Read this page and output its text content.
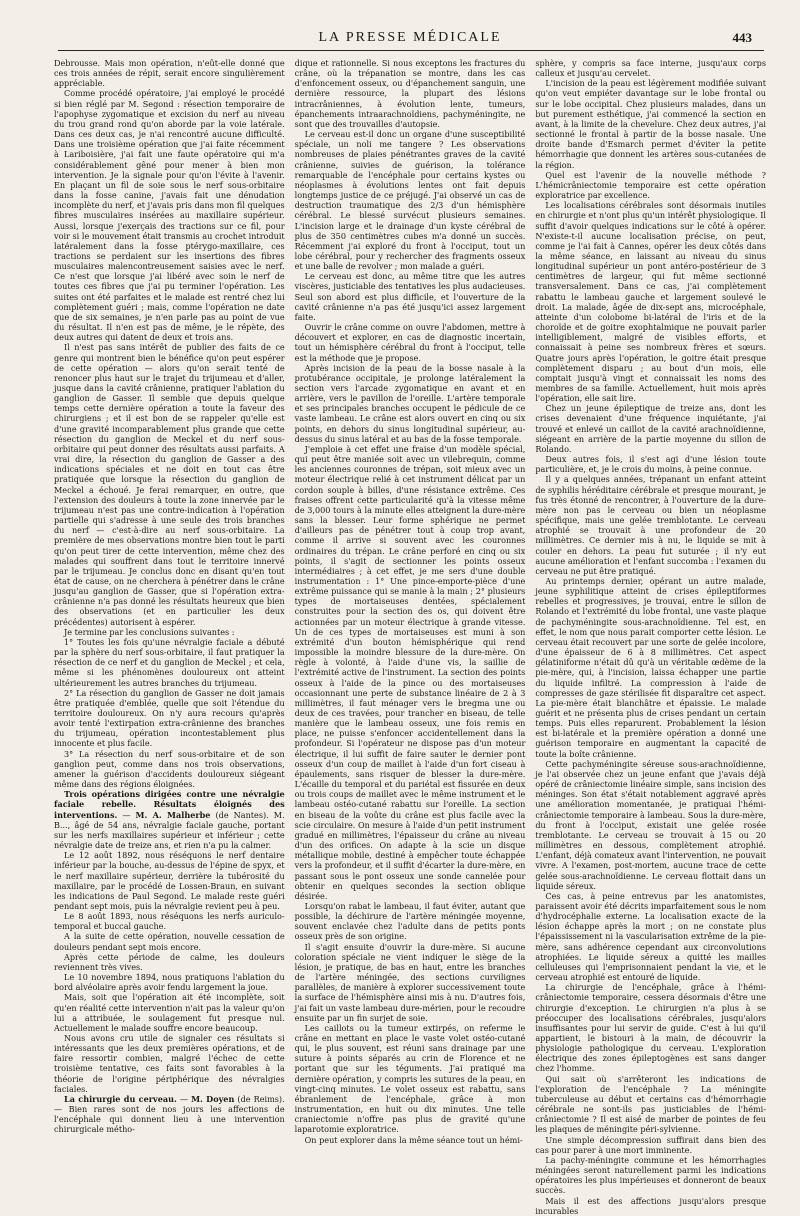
LA PRESSE MÉDICALE	443

Debrousse. Mais mon opération, n'eût-elle donné que ces trois années de répit, serait encore singulièrement appréciable.

Comme procédé opératoire, j'ai employé le procédé si bien réglé par M. Segond : résection temporaire de l'apophyse zygomatique et excision du nerf au niveau du trou grand rond qu'on aborde par la voie latérale. Dans ces deux cas, je n'ai rencontré aucune difficulté. Dans une troisième opération que j'ai faite récemment à Lariboisière, j'ai fait une faute opératoire qui m'a considérablement gêné pour mener à bien mon intervention. Je la signale pour qu'on l'évite à l'avenir. En plaçant un fil de soie sous le nerf sous-orbitaire dans la fosse canine, j'avais fait une dénudation incomplète du nerf, et j'avais pris dans mon fil quelques fibres musculaires insérées au maxillaire supérieur. Aussi, lorsque j'exerçais des tractions sur ce fil, pour voir si le mouvement était transmis au crochet introduit latéralement dans la fosse ptérygo-maxillaire, ces tractions se perdaient sur les insertions des fibres musculaires malencontreusement saisies avec le nerf. Ce n'est que lorsque j'ai libéré avec soin le nerf de toutes ces fibres que j'ai pu terminer l'opération. Les suites ont été parfaites et le malade est rentré chez lui complètement guéri ; mais, comme l'opération ne date que de six semaines, je n'en parle pas au point de vue du résultat. Il n'en est pas de même, je le répète, des deux autres qui datent de deux et trois ans.

Il n'est pas sans intérêt de publier des faits de ce genre qui montrent bien le bénéfice qu'on peut espérer de cette opération — alors qu'on serait tenté de renoncer plus haut sur le trajet du trijumeau et d'aller, jusque dans la cavité crânienne, pratiquer l'ablation du ganglion de Gasser. Il semble que depuis quelque temps cette dernière opération a toute la faveur des chirurgiens ; et il est bon de se rappeler qu'elle est d'une gravité incomparablement plus grande que cette résection du ganglion de Meckel et du nerf sous-orbitaire qui peut donner des résultats aussi parfaits. A vrai dire, la résection du ganglion de Gasser a des indications spéciales et ne doit en tout cas être pratiquée que lorsque la résection du ganglion de Meckel a échoué. Je ferai remarquer, en outre, que l'extension des douleurs à toute la zone innervée par le trijumeau n'est pas une contre-indication à l'opération partielle qui s'adresse à une seule des trois branches du nerf — c'est-à-dire au nerf sous-orbitaire. La première de mes observations montre bien tout le parti qu'on peut tirer de cette intervention, même chez des malades qui souffrent dans tout le territoire innervé par le trijumeau. Je conclus donc en disant qu'en tout état de cause, on ne cherchera à pénétrer dans le crâne jusqu'au ganglion de Gasser, que si l'opération extra-crânienne n'a pas donné les résultats heureux que bien des observations (et en particulier les deux précédentes) autorisent à espérer.

Je termine par les conclusions suivantes :

1° Toutes les fois qu'une névralgie faciale a débuté par la sphère du nerf sous-orbitaire, il faut pratiquer la résection de ce nerf et du ganglion de Meckel ; et cela, même si les phénomènes douloureux ont atteint ultérieurement les autres branches du trijumeau.

2° La résection du ganglion de Gasser ne doit jamais être pratiquée d'emblée, quelle que soit l'étendue du territoire douloureux. On n'y aura recours qu'après avoir tenté l'extirpation extra-crânienne des branches du trijumeau, opération incontestablement plus innocente et plus facile.

3° La résection du nerf sous-orbitaire et de son ganglion peut, comme dans nos trois observations, amener la guérison d'accidents douloureux siégeant même dans des régions éloignées.

Trois opérations dirigées contre une névralgie faciale rebelle. Résultats éloignés des interventions. — M. A. Malherbe (de Nantes). M. B..., âgé de 54 ans, névralgie faciale gauche, portant sur les nerfs maxillaires supérieur et inférieur ; cette névralgie date de treize ans, et rien n'a pu la calmer.

Le 12 août 1892, nous réséquons le nerf dentaire inférieur par la bouche, au-dessus de l'épine de spyx, et le nerf maxillaire supérieur, derrière la tubérosité du maxillaire, par le procédé de Lossen-Braun, en suivant les indications de Paul Segond. Le malade reste guéri pendant sept mois, puis la névralgie revient peu à peu.

Le 8 août 1893, nous réséquons les nerfs auriculo-temporal et buccal gauche.

A la suite de cette opération, nouvelle cessation de douleurs pendant sept mois encore.

Après cette période de calme, les douleurs reviennent très vives.

Le 10 novembre 1894, nous pratiquons l'ablation du bord alvéolaire après avoir fendu largement la joue.

Mais, soit que l'opération ait été incomplète, soit qu'en réalité cette intervention n'ait pas la valeur qu'on lui a attribuée, le soulagement fut presque nul. Actuellement le malade souffre encore beaucoup.

Nous avons cru utile de signaler ces résultats si intéressants que les deux premières opérations, et de faire ressortir combien, malgré l'échec de cette troisième tentative, ces faits sont favorables à la théorie de l'origine périphérique des névralgies faciales.

La chirurgie du cerveau. — M. Doyen (de Reims). — Bien rares sont de nos jours les affections de l'encéphale qui donnent lieu à une intervention chirurgicale métho-

dique et rationnelle. Si nous exceptons les fractures du crâne, où la trépanation se montre, dans les cas d'enfoncement osseux, ou d'épanchement sanguin, une dernière ressource, la plupart des lésions intracrâniennes, à évolution lente, tumeurs, épanchements intraarachnoïdiens, pachyméningite, ne sont que des trouvailles d'autopsie.

Le cerveau est-il donc un organe d'une susceptibilité spéciale, un noli me tangere ? Les observations nombreuses de plaies pénétrantes graves de la cavité crânienne, suivies de guérison, la tolérance remarquable de l'encéphale pour certains kystes ou néoplasmes à évolutions lentes ont fait depuis longtemps justice de ce préjugé. J'ai observé un cas de destruction traumatique des 2/3 d'un hémisphère cérébral. Le blessé survécut plusieurs semaines. L'incision large et le drainage d'un kyste cérébral de plus de 350 centimètres cubes m'a donné un succès. Récemment j'ai exploré du front à l'occiput, tout un lobe cérébral, pour y rechercher des fragments osseux et une balle de revolver ; mon malade a guéri.

Le cerveau est donc, au même titre que les autres viscères, justiciable des tentatives les plus audacieuses. Seul son abord est plus difficile, et l'ouverture de la cavité crânienne n'a pas été jusqu'ici assez largement faite.

Ouvrir le crâne comme on ouvre l'abdomen, mettre à découvert et explorer, en cas de diagnostic incertain, tout un hémisphère cérébral du front à l'occiput, telle est la méthode que je propose.

Après incision de la peau de la bosse nasale à la protubérance occipitale, je prolonge latéralement la section vers l'arcade zygomatique en avant et en arrière, vers le pavillon de l'oreille. L'artère temporale et ses principales branches occupent le pédicule de ce vaste lambeau. Le crâne est alors ouvert en cinq ou six points, en dehors du sinus longitudinal supérieur, au-dessus du sinus latéral et au bas de la fosse temporale.

J'emploie à cet effet une fraise d'un modèle spécial, qui peut être maniée soit avec un vilebrequin, comme les anciennes couronnes de trépan, soit mieux avec un moteur électrique relié à cet instrument délicat par un cordon souple à billes, d'une résistance extrême. Ces fraises offrent cette particularité qu'à la vitesse même de 3,000 tours à la minute elles atteignent la dure-mère sans la blesser. Leur forme sphérique ne permet d'ailleurs pas de pénétrer tout à coup trop avant, comme il arrive si souvent avec les couronnes ordinaires du trépan. Le crâne perforé en cinq ou six points, il s'agit de sectionner les points osseux intermédiaires ; à cet effet, je me sers d'une double instrumentation : 1° Une pince-emporte-pièce d'une extrême puissance qui se manie à la main ; 2° plusieurs types de mortaiseuses dentées, spécialement construites pour la section des os, qui doivent être actionnées par un moteur électrique à grande vitesse. Un de ces types de mortaiseuses est muni à son extrémité d'un bouton hémisphérique qui rend impossible la moindre blessure de la dure-mère. On règle à volonté, à l'aide d'une vis, la saillie de l'extrémité active de l'instrument. La section des points osseux à l'aide de la pince ou des mortaiseuses occasionnant une perte de substance linéaire de 2 à 3 millimètres, il faut ménager vers le bregma une ou deux de ces travées, pour trancher en biseau, de telle manière que le lambeau osseux, une fois remis en place, ne puisse s'enfoncer accidentellement dans la profondeur. Si l'opérateur ne dispose pas d'un moteur électrique, il lui suffit de faire sauter le dernier pont osseux d'un coup de maillet à l'aide d'un fort ciseau à épaulements, sans risquer de blesser la dure-mère. L'écaille du temporal et du pariétal est fissurée en deux ou trois coups de maillet avec le même instrument et le lambeau ostéo-cutané rabattu sur l'oreille. La section en biseau de la voûte du crâne est plus facile avec la scie circulaire. On mesure à l'aide d'un petit instrument gradué en millimètres, l'épaisseur du crâne au niveau d'un des orifices. On adapte à la scie un disque métallique mobile, destiné à empêcher toute échappée vers la profondeur, et il suffit d'écarter la dure-mère, en passant sous le pont osseux une sonde cannelée pour obtenir en quelques secondes la section oblique désirée.

Lorsqu'on rabat le lambeau, il faut éviter, autant que possible, la déchirure de l'artère méningée moyenne, souvent enclavée chez l'adulte dans de petits ponts osseux près de son origine.

Il s'agit ensuite d'ouvrir la dure-mère. Si aucune coloration spéciale ne vient indiquer le siège de la lésion, je pratique, de bas en haut, entre les branches de l'artère méningée, des sections curvilignes parallèles, de manière à explorer successivement toute la surface de l'hémisphère ainsi mis à nu. D'autres fois, j'ai fait un vaste lambeau dure-mérien, pour le recoudre ensuite par un fin surjet de soie.

Les caillots ou la tumeur extirpés, on referme le crâne en mettant en place le vaste volet ostéo-cutané qui, le plus souvent, est réuni sans drainage par une suture à points séparés au crin de Florence et ne portant que sur les téguments. J'ai pratiqué ma dernière opération, y compris les sutures de la peau, en vingt-cinq minutes. Le volet osseux est rabattu, sans ébranlement de l'encéphale, grâce à mon instrumentation, en huit ou dix minutes. Une telle craniectomie n'offre pas plus de gravité qu'une laparotomie exploratrice.

On peut explorer dans la même séance tout un hémi-

sphère, y compris sa face interne, jusqu'aux corps calleux et jusqu'au cervelet.

L'incision de la peau est légèrement modifiée suivant qu'on veut empiéter davantage sur le lobe frontal ou sur le lobe occipital. Chez plusieurs malades, dans un but purement esthétique, j'ai commencé la section en avant, à la limite de la chevelure. Chez deux autres, j'ai sectionné le frontal à partir de la bosse nasale. Une droite bande d'Esmarch permet d'éviter la petite hémorrhagie que donnent les artères sous-cutanées de la région.

Quel est l'avenir de la nouvelle méthode ? L'hémicrâniectomie temporaire est cette opération exploratrice par excellence.

Les localisations cérébrales sont désormais inutiles en chirurgie et n'ont plus qu'un intérêt physiologique. Il suffit d'avoir quelques indications sur le côté à opérer. N'existe-t-il aucune localisation précise, on peut, comme je l'ai fait à Cannes, opérer les deux côtés dans la même séance, en laissant au niveau du sinus longitudinal supérieur un pont antéro-postérieur de 3 centimètres de largeur, qui fut même sectionné transversalement. Dans ce cas, j'ai complètement rabattu le lambeau gauche et largement soulevé le droit. La malade, âgée de dix-sept ans, microcéphale, atteinte d'un colobome bi-latéral de l'iris et de la choroïde et de goitre exophtalmique ne pouvait parler intelligiblement, malgré de visibles efforts, et connaissait à peine ses nombreux frères et sœurs. Quatre jours après l'opération, le goitre était presque complètement disparu ; au bout d'un mois, elle comptait jusqu'à vingt et connaissait les noms des membres de sa famille. Actuellement, huit mois après l'opération, elle sait lire.

Chez un jeune épileptique de treize ans, dont les crises devenaient d'une fréquence inquiétante, j'ai trouvé et enlevé un caillot de la cavité arachnoïdienne, siégeant en arrière de la partie moyenne du sillon de Rolando.

Deux autres fois, il s'est agi d'une lésion toute particulière, et, je le crois du moins, à peine connue.

Il y a quelques années, trépanant un enfant atteint de syphilis héréditaire cérébrale et presque mourant, je fus très étonné de rencontrer, à l'ouverture de la dure-mère non pas le cerveau ou bien un néoplasme spécifique, mais une gelée tremblotante. Le cerveau atrophié se trouvait à une profondeur de 20 millimètres. Ce dernier mis à nu, le liquide se mit à couler en dehors. La peau fut suturée ; il n'y eut aucune amélioration et l'enfant succomba : l'examen du cerveau ne put être pratiqué.

Au printemps dernier, opérant un autre malade, jeune syphilitique atteint de crises épileptiformes rebelles et progressives, je trouvai, entre le sillon de Rolando et l'extrémité du lobe frontal, une vaste plaque de pachyméningite sous-arachnoïdienne. Tel est, en effet, le nom que nous parait comporter cette lésion. Le cerveau était recouvert par une sorte de gelée incolore, d'une épaisseur de 6 à 8 millimètres. Cet aspect gélatiniforme n'était dû qu'à un véritable œdème de la pie-mère, qui, à l'incision, laissa échapper une partie du liquide infiltré. La compression à l'aide de compresses de gaze stérilisée fit disparaître cet aspect. La pie-mère était blanchâtre et épaissie. Le malade guérit et ne présenta plus de crises pendant un certain temps. Puis elles reparurent. Probablement la lésion est bi-latérale et la première opération a donné une guérison temporaire en augmentant la capacité de toute la boîte crânienne.

Cette pachyméningite séreuse sous-arachnoïdienne, je l'ai observée chez un jeune enfant que j'avais déjà opéré de crâniectomie linéaire simple, sans incision des méninges. Son état s'était notablement aggravé après une amélioration momentanée, je pratiquai l'hémi-crâniectomie temporaire à lambeau. Sous la dure-mère, du front à l'occiput, existait une gelée rosée tremblotante. Le cerveau se trouvait à 15 ou 20 millimètres en dessous, complètement atrophié. L'enfant, déjà comateux avant l'intervention, ne pouvait vivre. A l'examen, post-mortem, aucune trace de cette gelée sous-arachnoïdienne. Le cerveau flottait dans un liquide séreux.

Ces cas, à peine entrevus par les anatomistes, paraissent avoir été décrits imparfaitement sous le nom d'hydrocéphalie externe. La localisation exacte de la lésion échappe après la mort ; on ne constate plus l'épaississement ni la vascularisation extrême de la pie-mère, sans adhérence cependant aux circonvolutions atrophiées. Le liquide séreux a quitté les mailles celluleuses qui l'emprisonnaient pendant la vie, et le cerveau atrophié est entouré de liquide.

La chirurgie de l'encéphale, grâce à l'hémi-crâniectomie temporaire, cessera désormais d'être une chirurgie d'exception. Le chirurgien n'a plus à se préoccuper des localisations cérébrales, jusqu'alors insuffisantes pour lui servir de guide. C'est à lui qu'il appartient, le bistouri à la main, de découvrir la physiologie pathologique du cerveau. L'exploration électrique des zones épileptogènes est sans danger chez l'homme.

Qui sait où s'arrêteront les indications de l'exploration de l'encéphale ? La méningite tuberculeuse au début et certains cas d'hémorrhagie cérébrale ne sont-ils pas justiciables de l'hémi-crâniectomie ? Il est aisé de marber de pointes de feu les plaques de méningite péri-sylvienne.

Une simple décompression suffirait dans bien des cas pour parer à une mort imminente.

La pachy-méningite commune et les hémorrhagies méningées seront naturellement parmi les indications opératoires les plus impérieuses et donneront de beaux succès.

Mais il est des affections jusqu'alors presque incurables
